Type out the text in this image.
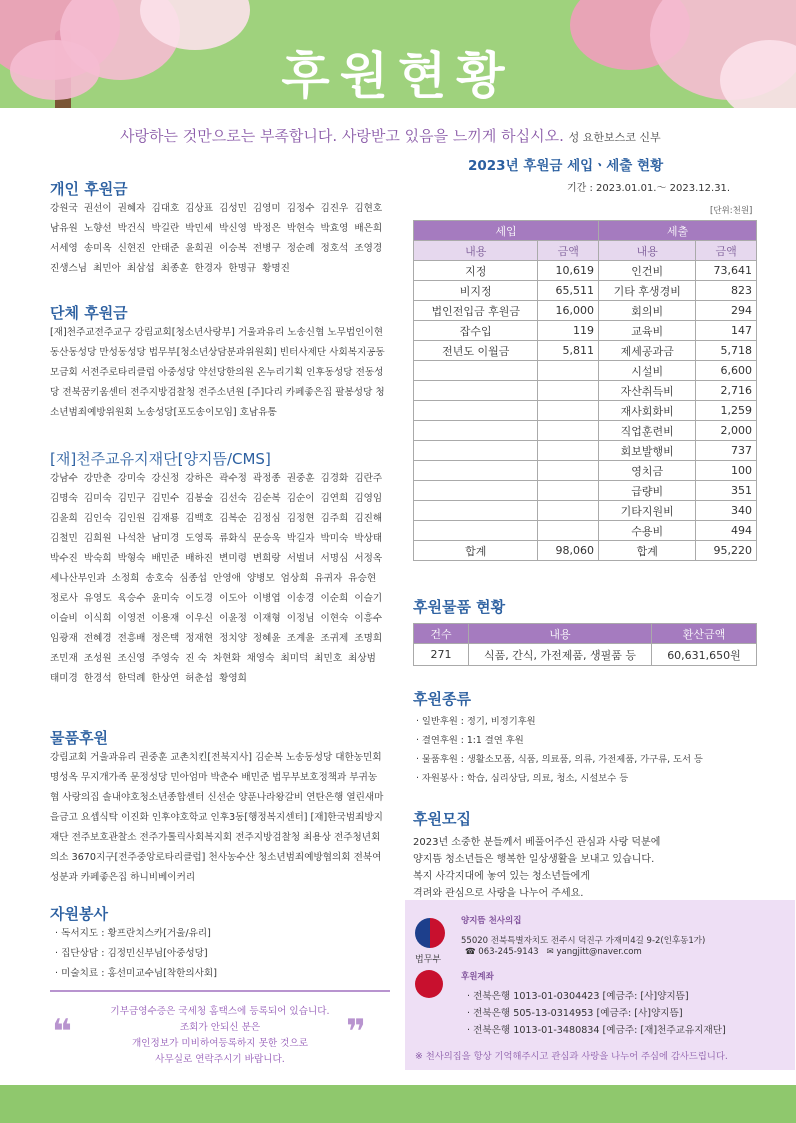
후원현황
사랑하는 것만으로는 부족합니다. 사랑받고 있음을 느끼게 하십시오. 성 요한보스코 신부
개인 후원금
강원국 권선이 권혜자 김대호 김상표 김성민 김영미 김정수 김진우 김현호남유원 노향선 박건식 박길란 박민세 박신영 박정은 박현숙 박효영 배은희서세영 송미옥 신현진 안태준 윤희권 이승복 전병구 정순례 정호석 조영경진생스님 최민아 최삼섭 최종훈 한경자 한명규 황명진
단체 후원금
[재]천주교전주교구 강림교회[청소년사랑부] 거울과유리 노송신협 노무법인이현 동산동성당 만성동성당 법무부[청소년상담분과위원회] 빈터사제단 사회복지공동모금회 서전주로타리클럽 아중성당 약선당한의원 온누리기획 인후동성당 전동성당 전북꿈키움센터 전주지방검찰청 전주소년원 [주]다리 카페좋은집 팔봉성당 청소년범죄예방위원회 노송성당[포도송이모임] 호남유통
[재]천주교유지재단[양지뜸/CMS]
강남수 강만춘 강미숙 강신정 강하은 곽수정 곽정종 권중훈 김경화 김란주김명숙 김미숙 김민구 김민수 김봉술 김선숙 김순복 김순이 김연희 김영임김윤희 김인숙 김인원 김재룡 김백호 김복순 김정심 김정현 김주희 김진해김철민 김희원 나석찬 남미경 도영록 류화식 문승욱 박길자 박미숙 박상태박수진 박숙희 박형숙 배민준 배하진 변미령 변희랑 서벌녀 서명심 서정옥세나산부인과 소정희 송호숙 심종섭 안영애 양병모 엄상희 유귀자 유승현정로사 유영도 육승수 윤미숙 이도경 이도아 이병엽 이송경 이순희 이슬기이슬비 이식희 이영전 이용재 이우신 이윤정 이재형 이정님 이현숙 이흥수임광재 전혜경 전흥배 정은택 정재현 정치양 정혜윤 조계윤 조귀제 조명희조민재 조성원 조신영 주영숙 진 숙 차현화 채영숙 최미덕 최민호 최상범태미경 한경석 한덕례 한상연 허춘섭 황영희
물품후원
강림교회 거울과유리 권중훈 교촌치킨[전북지사] 김순복 노송동성당 대한농민회 명성옥 무지개가족 문정성당 민아엄마 박춘수 배민준 법무부보호정책과 부귀농협 사랑의집 솔내야호청소년종합센터 신선순 양푼나라왕갈비 연탄은행 열린새마을금고 요셉식탁 이진화 인후야호학교 인후3동[행정복지센터] [재]한국범죄방지재단 전주보호관찰소 전주가톨릭사회복지회 전주지방검찰청 최용상 전주청년회의소 3670지구[전주중앙로타리클럽] 천사농수산 청소년범죄예방협의회 전북여성분과 카페좋은집 하니비베이커리
자원봉사
· 독서지도 : 황프란치스카[거울/유리]
· 집단상담 : 김정민신부님[아중성당]
· 미술치료 : 홍선미교수님[착한의사회]
❝
기부금영수증은 국세청 홈택스에 등록되어 있습니다.
조회가 안되신 분은
개인정보가 미비하여등록하지 못한 것으로
사무실로 연락주시기 바랍니다.
❞
2023년 후원금 세입ㆍ세출 현황
기간 : 2023.01.01.～ 2023.12.31.
[단위:천원]
세입		세출	
내용	금액	내용	금액
지정	10,619	인건비	73,641
비지정	65,511	기타 후생경비	823
법인전입금 후원금	16,000	회의비	294
잡수입	119	교육비	147
전년도 이월금	5,811	제세공과금	5,718
		시설비	6,600
		자산취득비	2,716
		재사회화비	1,259
		직업훈련비	2,000
		회보발행비	737
		영치금	100
		급량비	351
		기타지원비	340
		수용비	494
합계	98,060	합계	95,220
후원물품 현황
건수	내용	환산금액
271	식품, 간식, 가전제품, 생필품 등	60,631,650원
후원종류
· 일반후원 : 정기, 비정기후원
· 결연후원 : 1:1 결연 후원
· 물품후원 : 생활소모품, 식품, 의료품, 의류, 가전제품, 가구류, 도서 등
· 자원봉사 : 학습, 심리상담, 의료, 청소, 시설보수 등
후원모집
2023년 소중한 분들께서 베풀어주신 관심과 사랑 덕분에
양지뜸 청소년들은 행복한 일상생활을 보내고 있습니다.
복지 사각지대에 놓여 있는 청소년들에게
격려와 관심으로 사랑을 나누어 주세요.
법무부
양지뜸 천사의집
55020 전북특별자치도 전주시 덕진구 가재미4길 9-2(인후동1가)
☎ 063-245-9143   ✉ yangjitt@naver.com
후원계좌
· 전북은행 1013-01-0304423 [예금주: [사]양지뜸]
· 전북은행 505-13-0314953 [예금주: [사]양지뜸]
· 전북은행 1013-01-3480834 [예금주: [재]천주교유지재단]
※ 천사의집을 항상 기억해주시고 관심과 사랑을 나누어 주심에 감사드립니다.
